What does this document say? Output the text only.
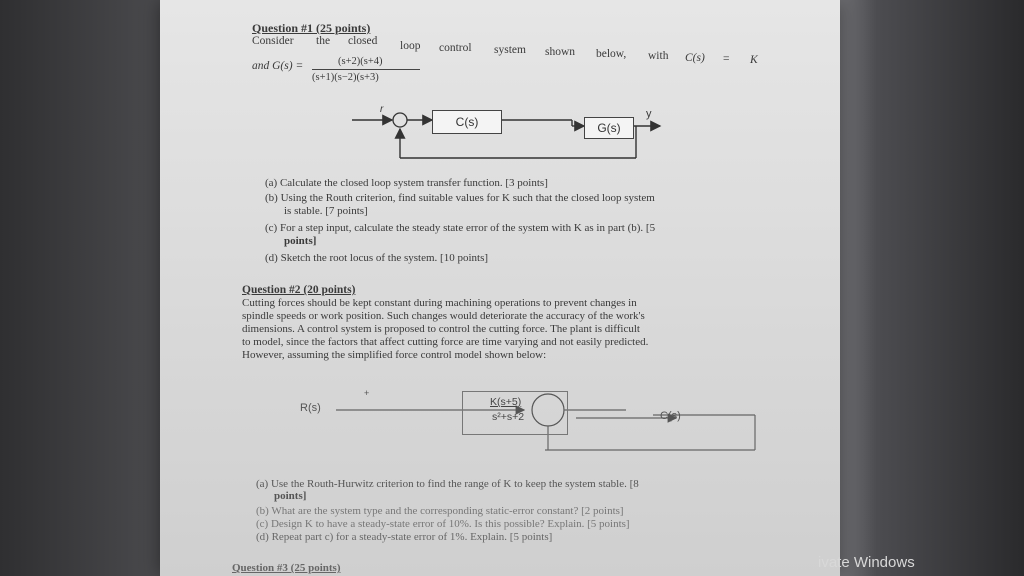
Question #1 (25 points)
Consider the closed loop control system shown below, with C(s) = K
and G(s) =	(s+2)(s+4)
(s+1)(s−2)(s+3)
r	y
C(s)	G(s)
(a) Calculate the closed loop system transfer function. [3 points]
(b) Using the Routh criterion, find suitable values for K such that the closed loop system
is stable. [7 points]
(c) For a step input, calculate the steady state error of the system with K as in part (b). [5
points]
(d) Sketch the root locus of the system. [10 points]
Question #2 (20 points)
Cutting forces should be kept constant during machining operations to prevent changes in
spindle speeds or work position. Such changes would deteriorate the accuracy of the work's
dimensions. A control system is proposed to control the cutting force. The plant is difficult
to model, since the factors that affect cutting force are time varying and not easily predicted.
However, assuming the simplified force control model shown below:
R(s)
+
K(s+5)
s²+s+2	C(s)
(a) Use the Routh-Hurwitz criterion to find the range of K to keep the system stable. [8
points]
(b) What are the system type and the corresponding static-error constant? [2 points]
(c) Design K to have a steady-state error of 10%. Is this possible? Explain. [5 points]
(d) Repeat part c) for a steady-state error of 1%. Explain. [5 points]
Question #3 (25 points)	ivate Windows
